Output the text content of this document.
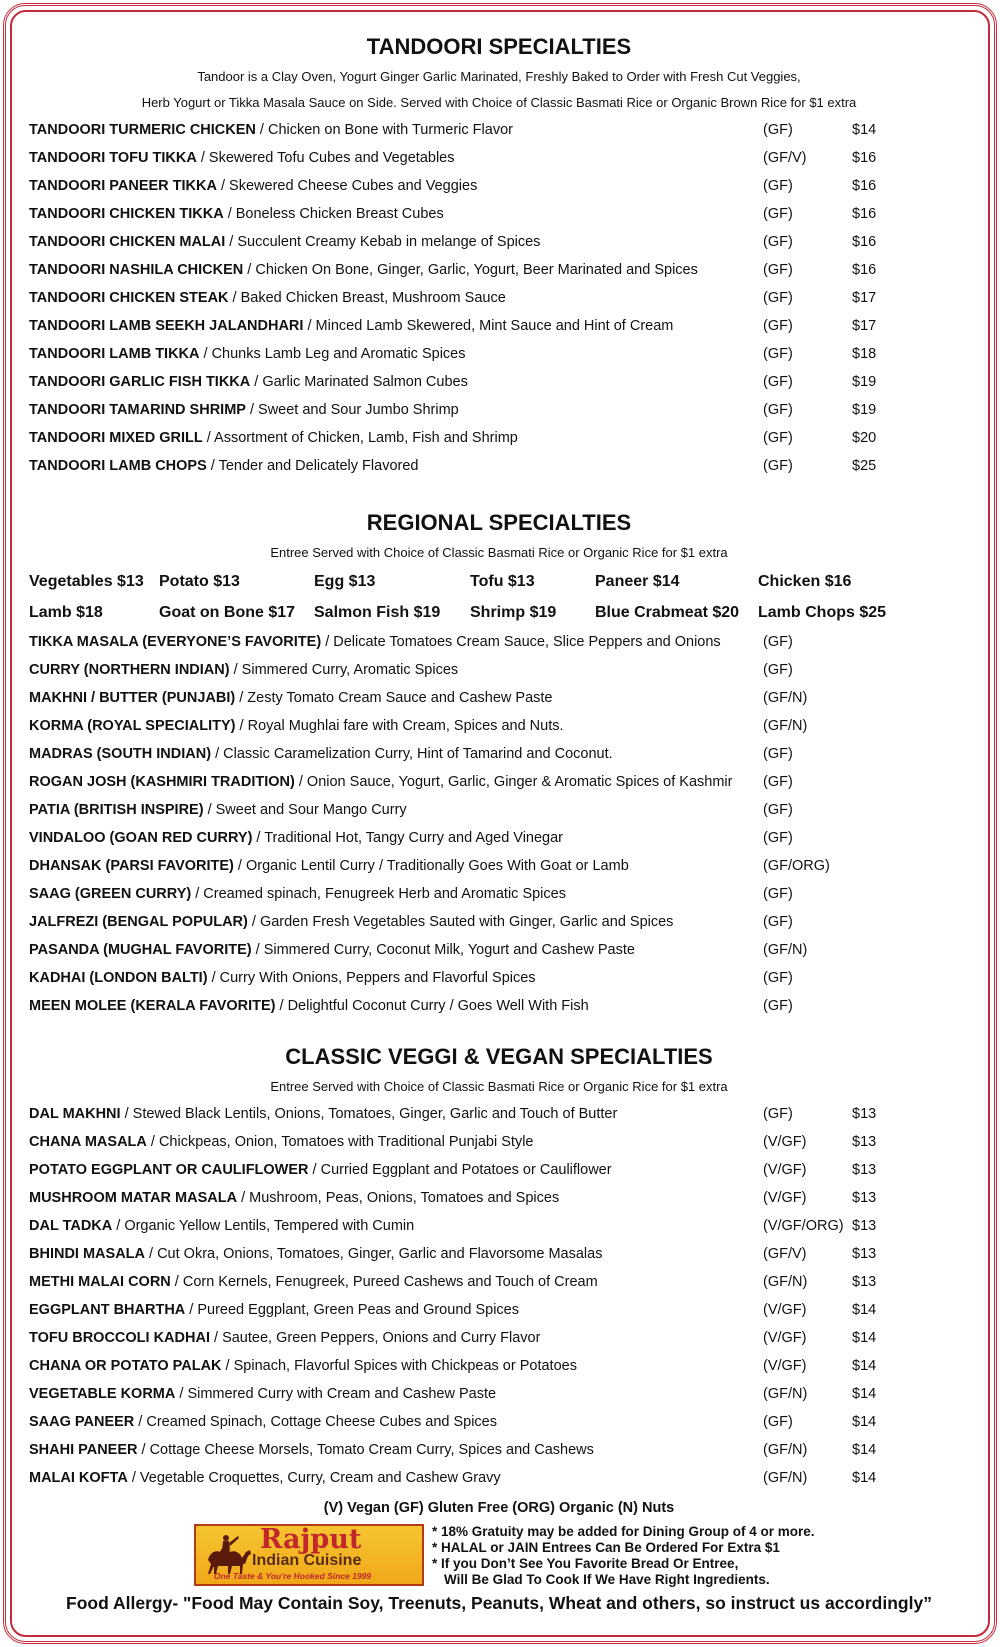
TANDOORI SPECIALTIES
Tandoor is a Clay Oven, Yogurt Ginger Garlic Marinated, Freshly Baked to Order with Fresh Cut Veggies,
Herb Yogurt or Tikka Masala Sauce on Side. Served with Choice of Classic Basmati Rice or Organic Brown Rice for $1 extra
TANDOORI TURMERIC CHICKEN / Chicken on Bone with Turmeric Flavor	(GF)	$14
TANDOORI TOFU TIKKA / Skewered Tofu Cubes and Vegetables	(GF/V)	$16
TANDOORI PANEER TIKKA / Skewered Cheese Cubes and Veggies	(GF)	$16
TANDOORI CHICKEN TIKKA / Boneless Chicken Breast Cubes	(GF)	$16
TANDOORI CHICKEN MALAI / Succulent Creamy Kebab in melange of Spices	(GF)	$16
TANDOORI NASHILA CHICKEN / Chicken On Bone, Ginger, Garlic, Yogurt, Beer Marinated and Spices	(GF)	$16
TANDOORI CHICKEN STEAK / Baked Chicken Breast, Mushroom Sauce	(GF)	$17
TANDOORI LAMB SEEKH JALANDHARI / Minced Lamb Skewered, Mint Sauce and Hint of Cream	(GF)	$17
TANDOORI LAMB TIKKA / Chunks Lamb Leg and Aromatic Spices	(GF)	$18
TANDOORI GARLIC FISH TIKKA / Garlic Marinated Salmon Cubes	(GF)	$19
TANDOORI TAMARIND SHRIMP / Sweet and Sour Jumbo Shrimp	(GF)	$19
TANDOORI MIXED GRILL / Assortment of Chicken, Lamb, Fish and Shrimp	(GF)	$20
TANDOORI LAMB CHOPS / Tender and Delicately Flavored	(GF)	$25
REGIONAL SPECIALTIES
Entree Served with Choice of Classic Basmati Rice or Organic Rice for $1 extra
Vegetables $13 Potato $13	Egg $13	Tofu $13	Paneer $14	Chicken $16
Lamb $18	Goat on Bone $17 Salmon Fish $19 Shrimp $19 Blue Crabmeat $20 Lamb Chops $25
TIKKA MASALA (EVERYONE’S FAVORITE) / Delicate Tomatoes Cream Sauce, Slice Peppers and Onions	(GF)
CURRY (NORTHERN INDIAN) / Simmered Curry, Aromatic Spices	(GF)
MAKHNI / BUTTER (PUNJABI) / Zesty Tomato Cream Sauce and Cashew Paste	(GF/N)
KORMA (ROYAL SPECIALITY) / Royal Mughlai fare with Cream, Spices and Nuts.	(GF/N)
MADRAS (SOUTH INDIAN) / Classic Caramelization Curry, Hint of Tamarind and Coconut.	(GF)
ROGAN JOSH (KASHMIRI TRADITION) / Onion Sauce, Yogurt, Garlic, Ginger & Aromatic Spices of Kashmir (GF)
PATIA (BRITISH INSPIRE) / Sweet and Sour Mango Curry	(GF)
VINDALOO (GOAN RED CURRY) / Traditional Hot, Tangy Curry and Aged Vinegar	(GF)
DHANSAK (PARSI FAVORITE) / Organic Lentil Curry / Traditionally Goes With Goat or Lamb	(GF/ORG)
SAAG (GREEN CURRY) / Creamed spinach, Fenugreek Herb and Aromatic Spices	(GF)
JALFREZI (BENGAL POPULAR) / Garden Fresh Vegetables Sauted with Ginger, Garlic and Spices	(GF)
PASANDA (MUGHAL FAVORITE) / Simmered Curry, Coconut Milk, Yogurt and Cashew Paste	(GF/N)
KADHAI (LONDON BALTI) / Curry With Onions, Peppers and Flavorful Spices	(GF)
MEEN MOLEE (KERALA FAVORITE) / Delightful Coconut Curry / Goes Well With Fish	(GF)
CLASSIC VEGGI & VEGAN SPECIALTIES
Entree Served with Choice of Classic Basmati Rice or Organic Rice for $1 extra
DAL MAKHNI / Stewed Black Lentils, Onions, Tomatoes, Ginger, Garlic and Touch of Butter	(GF)	$13
CHANA MASALA / Chickpeas, Onion, Tomatoes with Traditional Punjabi Style	(V/GF)	$13
POTATO EGGPLANT OR CAULIFLOWER / Curried Eggplant and Potatoes or Cauliflower	(V/GF)	$13
MUSHROOM MATAR MASALA / Mushroom, Peas, Onions, Tomatoes and Spices	(V/GF)	$13
DAL TADKA / Organic Yellow Lentils, Tempered with Cumin	(V/GF/ORG) $13
BHINDI MASALA / Cut Okra, Onions, Tomatoes, Ginger, Garlic and Flavorsome Masalas	(GF/V)	$13
METHI MALAI CORN / Corn Kernels, Fenugreek, Pureed Cashews and Touch of Cream	(GF/N)	$13
EGGPLANT BHARTHA / Pureed Eggplant, Green Peas and Ground Spices	(V/GF)	$14
TOFU BROCCOLI KADHAI / Sautee, Green Peppers, Onions and Curry Flavor	(V/GF)	$14
CHANA OR POTATO PALAK / Spinach, Flavorful Spices with Chickpeas or Potatoes	(V/GF)	$14
VEGETABLE KORMA / Simmered Curry with Cream and Cashew Paste	(GF/N)	$14
SAAG PANEER / Creamed Spinach, Cottage Cheese Cubes and Spices	(GF)	$14
SHAHI PANEER / Cottage Cheese Morsels, Tomato Cream Curry, Spices and Cashews	(GF/N)	$14
MALAI KOFTA / Vegetable Croquettes, Curry, Cream and Cashew Gravy	(GF/N)	$14
(V) Vegan (GF) Gluten Free (ORG) Organic (N) Nuts
Rajput
Indian Cuisine
One Taste & You're Hooked Since 1999
* 18% Gratuity may be added for Dining Group of 4 or more.
* HALAL or JAIN Entrees Can Be Ordered For Extra $1
* If you Don’t See You Favorite Bread Or Entree,
Will Be Glad To Cook If We Have Right Ingredients.
Food Allergy- "Food May Contain Soy, Treenuts, Peanuts, Wheat and others, so instruct us accordingly”
